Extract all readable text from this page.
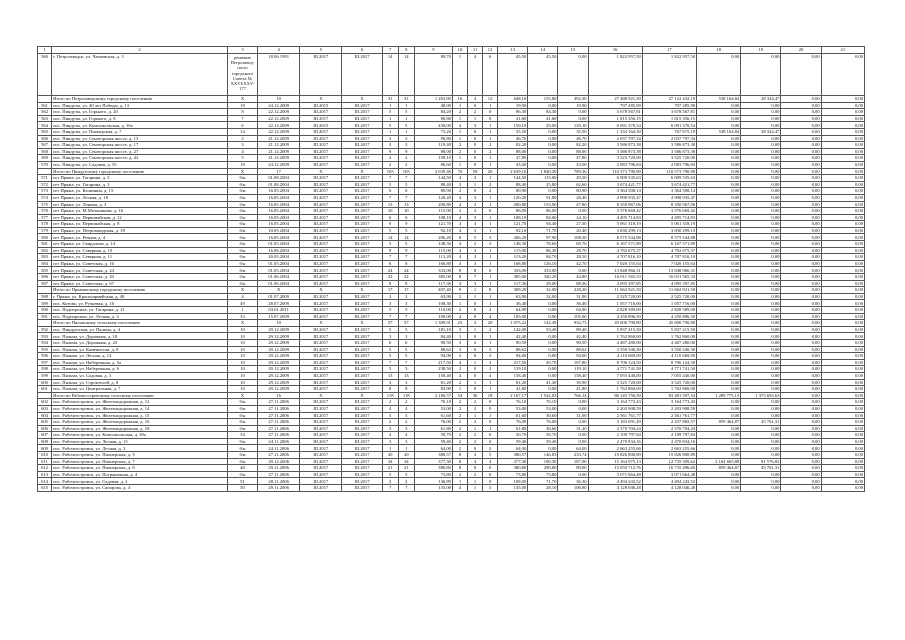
1	2	3	4	5	6	7	8	9	10	11	12	13	14	15	16	17	18	19	20	21
560	г. Петрозаводск, ул. Чапаевская, д. 3	решение Петрозавод-ского городского Совета № XXVI/XXV-177	18.06.1991	III.2017	III.2017	14	14	89,70	1	4	6	45,50	45,50	0,00	1 822 957,50	1 822 957,50	0,00	0,00	0,00	0,00
	Итого по Петрозаводскому городскому поселению	X	10	X	X	31	31	1 263,80	16	4	12	648,10	155,80	492,30	27 488 921,50	27 122 432,19	538 164,84	28 324,47	0,00	0,00
561	пос. Пиндузы, ул. 40 лет Победы, д. 13	19	24.12.2009	III.2015	III.2017	1	1	48,00	1	0	1	19,90	0,00	19,90	797 285,99	797 285,99	0,00	0,00	0,00	0,00
562	пос. Пиндузы, ул. Горького, д. 20	8	22.12.2009	III.2017	III.2017	5	5	84,20	2	2	0	86,30	84,30	0,00	3 678 567,81	3 678 567,81	0,00	0,00	0,00	0,00
563	пос. Пиндузы, ул. Горького, д. 8	7	22.12.2009	III.2017	III.2017	1	1	80,80	1	1	0	41,60	41,60	0,00	1 815 356,15	1 815 356,15	0,00	0,00	0,00	0,00
564	пос. Пиндузы, ул. Комсомольская, д. 16а	6	22.12.2009	III.2015	III.2017	5	5	438,00	4	3	1	159,10	29,00	129,10	6 091 370,54	6 091 370,54	0,00	0,00	0,00	0,00
565	пос. Пиндузы, ул. Пионерская, д. 7	14	22.12.2009	III.2017	III.2017	1	1	73,20	1	0	1	35,50	0,00	35,50	1 334 164,30	767 675,19	538 164,84	28 324,47	0,00	0,00
566	пос. Пиндузы, ул. Сенаторская шоссе, д. 13	2	21.12.2009	III.2017	III.2017	3	3	96,80	1	0	1	46,70	0,00	46,70	2 037 797,34	2 037 797,34	0,00	0,00	0,00	0,00
567	пос. Пиндузы, ул. Сенаторская шоссе, д. 17	3	21.12.2009	III.2017	III.2017	3	3	119,40	2	0	2	82,20	0,00	82,20	3 586 873,38	3 586 873,38	0,00	0,00	0,00	0,00
568	пос. Пиндузы, ул. Сенаторская шоссе, д. 27	4	21.12.2009	III.2017	III.2017	9	9	88,00	2	0	2	88,00	0,00	88,00	3 586 873,38	3 586 873,38	0,00	0,00	0,00	0,00
569	пос. Пиндузы, ул. Сенаторская шоссе, д. 42	5	21.12.2009	III.2017	III.2017	2	2	158,10	1	0	1	47,80	0,00	47,80	3 525 720,00	3 525 720,00	0,00	0,00	0,00	0,00
570	пос. Пиндузы, ул. Садовая, д. 55	18	24.12.2009	III.2017	III.2017	2	2	86,60	1	0	1	43,00	0,00	43,00	2 083 796,84	2 083 796,84	0,00	0,00	0,00	0,00
	Итого по Пиндузскому городскому поселению	X	17	X	X	165	165	2 639,46	76	59	26	2 639,16	1 840,30	789,36	110 573 790,90	110 573 790,90	0,00	0,00	0,00	0,00
571	пгт Пряжа, ул. Гагарина, д. 3	б/н	01.08.2004	III.2017	III.2017	7	7	144,50	4	3	1	144,50	115,00	29,50	6 009 535,63	6 009 535,63	0,00	0,00	0,00	0,00
572	пгт Пряжа, ул. Гагарина, д. 3	б/н	01.08.2004	III.2017	III.2017	5	5	88,40	3	1	2	88,40	25,80	62,60	3 674 421,77	3 674 421,77	0,00	0,00	0,00	0,00
573	пгт Пряжа, ул. Калинина, д. 15	б/н	16.05.2004	III.2017	III.2017	6	6	80,90	2	0	2	80,90	0,00	80,90	3 364 508,14	3 364 508,14	0,00	0,00	0,00	0,00
574	пгт Пряжа, ул. Лесная, д. 18	б/н	16.05.2004	III.2017	III.2017	7	7	120,20	4	3	1	120,20	91,80	28,40	4 998 935,47	4 998 935,47	0,00	0,00	0,00	0,00
575	пгт Пряжа, ул. Ленина, д. 3	б/н	16.05.2004	III.2017	III.2017	13	13	200,80	4	3	1	200,80	153,00	47,80	8 350 967,06	8 350 967,06	0,00	0,00	0,00	0,00
576	пгт Пряжа, ул. М.Мельникова, д. 16	б/н	16.05.2004	III.2017	III.2017	10	10	115,90	3	3	0	86,00	86,00	0,00	3 576 669,42	3 576 669,42	0,00	0,00	0,00	0,00
577	пгт Пряжа, ул. Первомайская, д. 12	б/н	16.05.2004	III.2017	III.2017	6	6	108,10	4	3	1	108,10	84,00	24,10	4 495 714,83	4 495 714,83	0,00	0,00	0,00	0,00
578	пгт Пряжа, ул. Первомайская, д. 8	б/н	16.05.2004	III.2017	III.2017	9	9	121,70	4	3	1	121,70	94,40	27,30	5 061 318,19	5 061 318,19	0,00	0,00	0,00	0,00
579	пгт Пряжа, ул. Петрозаводская, д. 39	б/н	10.05.2004	III.2017	III.2017	5	5	92,10	4	3	1	92,10	71,70	20,40	3 830 299,13	3 830 299,13	0,00	0,00	0,00	0,00
580	пгт Пряжа, ул. Речная, д. 4	б/н	16.05.2004	III.2017	III.2017	14	14	206,20	8	5	3	206,20	97,90	108,30	8 575 544,88	8 575 544,88	0,00	0,00	0,00	0,00
581	пгт Пряжа, ул. Свирдлова, д. 14	б/н	01.05.2004	III.2017	III.2017	5	5	148,30	4	2	2	148,30	78,60	69,70	6 167 571,89	6 167 571,89	0,00	0,00	0,00	0,00
582	пгт Пряжа, ул. Северная, д. 10	б/н	16.06.2004	III.2017	III.2017	9	9	115,00	4	3	1	115,00	86,30	28,70	4 782 675,37	4 782 675,37	0,00	0,00	0,00	0,00
583	пгт Пряжа, ул. Северная, д. 11	б/н	20.05.2004	III.2017	III.2017	7	7	113,20	4	3	1	113,20	84,70	28,50	4 707 816,10	4 707 816,10	0,00	0,00	0,00	0,00
584	пгт Пряжа, ул. Советская, д. 16	б/н	01.05.2004	III.2017	III.2017	8	8	168,80	4	3	1	168,80	126,10	42,70	7 020 155,64	7 020 155,64	0,00	0,00	0,00	0,00
585	пгт Пряжа, ул. Советская, д. 24	б/н	01.05.2004	III.2017	III.2017	24	24	333,00	8	8	0	333,00	333,00	0,00	13 848 966,31	13 848 966,31	0,00	0,00	0,00	0,00
586	пгт Пряжа, ул. Советская, д. 43	б/н	01.06.2004	III.2017	III.2017	22	22	385,00	8	7	1	385,00	340,20	44,80	16 011 565,33	16 011 565,33	0,00	0,00	0,00	0,00
587	пгт Пряжа, ул. Советская, д. 67	б/н	01.06.2004	III.2017	III.2017	8	8	117,36	4	3	1	117,36	29,00	88,36	4 095 397,85	4 095 397,85	0,00	0,00	0,00	0,00
	Итого по Пряжинскому городскому поселению	X	X	X	X	17	17	407,40	9	1	8	309,20	32,00	228,20	11 662 921,50	11 662 921,50	0,00	0,00	0,00	0,00
588	г. Пряжа, ул. Красноармейская, д. 48	4	01.07.2009	III.2017	III.2017	2	2	63,90	2	1	1	63,90	32,00	31,90	2 525 720,00	2 525 720,00	0,00	0,00	0,00	0,00
589	пос. Котово, ул. Ручьевая, д. 10	49	28.07.2009	III.2017	III.2017	3	3	108,30	1	0	1	36,40	0,00	36,40	1 057 716,00	1 057 716,00	0,00	0,00	0,00	0,00
590	пос. Подпорожье, ул. Гагарина, д. 21	1	03.01.2011	III.2017	III.2017	5	5	110,00	2	0	2	64,90	0,00	64,90	2 828 589,00	2 828 589,00	0,00	0,00	0,00	0,00
591	пос. Подпорожье, ул. Лесная, д. 3	33	15.07.2009	III.2017	III.2017	7	7	109,00	4	0	4	105,00	0,00	105,00	4 250 896,50	4 250 896,50	0,00	0,00	0,00	0,00
	Итого по Пяльмскому сельскому поселению	X	10	X	X	57	57	1 309,91	23	3	20	1 075,22	142,49	932,73	45 606 790,80	45 606 790,80	0,00	0,00	0,00	0,00
592	пос. Пиндушская, ул. Пяльма, д. 4	10	29.12.2009	III.2017	III.2017	5	5	181,10	3	1	2	142,00	53,40	89,40	5 837 215,50	5 837 215,50	0,00	0,00	0,00	0,00
593	пос. Пяльма, ул. Дорожная, д. 18	10	29.12.2009	III.2017	III.2017	3	3	84,40	1	0	1	42,40	0,00	42,40	1 762 860,00	1 762 860,00	0,00	0,00	0,00	0,00
594	пос. Пяльма, ул. Дорожная, д. 23	10	29.12.2009	III.2017	III.2017	6	6	90,50	3	2	1	90,50	0,00	90,50	4 487 280,00	4 487 280,00	0,00	0,00	0,00	0,00
595	пос. Пяльма, ул. Каменистая, д. 8	10	29.12.2009	III.2017	III.2017	5	5	88,62	3	0	3	88,62	0,00	88,62	3 550 540,30	3 550 540,30	0,00	0,00	0,00	0,00
596	пос. Пяльма, ул. Лесная, д. 14	10	29.12.2009	III.2017	III.2017	5	5	94,00	2	0	2	94,00	0,00	94,00	4 110 669,00	4 110 669,00	0,00	0,00	0,00	0,00
597	пос. Пяльма, ул. Набережная, д. 5а	10	29.12.2009	III.2017	III.2017	7	7	217,50	4	1	3	217,50	49,70	167,80	8 706 124,50	8 706 124,50	0,00	0,00	0,00	0,00
598	пос. Пяльма, ул. Набережная, д. 6	10	29.12.2009	III.2017	III.2017	5	5	238,50	2	0	2	119,10	0,00	119,10	4 771 741,50	4 771 741,50	0,00	0,00	0,00	0,00
599	пос. Пяльма, ул. Садовая, д. 3	10	29.12.2009	III.2017	III.2017	13	13	158,40	4	0	4	158,40	0,00	158,40	7 055 440,00	7 055 440,00	0,00	0,00	0,00	0,00
600	пос. Пяльма, ул. Строителей, д. 8	10	29.12.2009	III.2017	III.2017	3	3	81,20	2	1	1	81,20	41,30	39,90	3 525 720,00	3 525 720,00	0,00	0,00	0,00	0,00
601	пос. Пяльма, ул. Центральная, д. 7	10	29.12.2009	III.2017	III.2017	8	8	83,90	1	0	1	41,80	0,00	41,80	1 762 860,00	1 762 860,00	0,00	0,00	0,00	0,00
	Итого по Рабочеостровскому сельскому поселению	X	16	X	X	118	118	2 180,57	54	36	18	2 167,17	1 542,03	766,14	86 145 756,50	83 481 597,54	1 289 775,13	1 375 693,63	0,00	0,00
602	пос. Рабочеостровск, ул. Железнодорожная, д. 12	б/н	27.11.2006	III.2017	III.2017	2	2	76,10	2	2	0	76,10	76,10	0,00	3 164 773,43	3 164 773,43	0,00	0,00	0,00	0,00
603	пос. Рабочеостровск, ул. Железнодорожная, д. 14	б/н	27.11.2006	III.2017	III.2017	4	4	53,00	2	2	0	53,00	53,00	0,00	2 203 908,59	2 203 908,59	0,00	0,00	0,00	0,00
604	пос. Рабочеостровск, ул. Железнодорожная, д. 15	б/н	27.11.2006	III.2017	III.2017	5	5	61,60	2	1	1	61,60	30,60	31,00	2 561 761,77	2 561 761,77	0,00	0,00	0,00	0,00
605	пос. Рабочеостровск, ул. Железнодорожная, д. 16	б/н	27.11.2006	III.2017	III.2017	2	2	76,00	2	2	0	76,00	76,00	0,00	3 183 091,49	2 437 865,57	859 464,87	45 761,31	0,00	0,00
606	пос. Рабочеостровск, ул. Железнодорожная, д. 18	б/н	27.11.2006	III.2017	III.2017	3	3	61,80	2	1	1	61,80	30,60	31,20	2 570 704,24	2 570 704,24	0,00	0,00	0,00	0,00
607	пос. Рабочеостровск, ул. Комсомольская, д. 30а	34	27.11.2006	III.2017	III.2017	4	4	50,70	2	2	0	50,70	50,70	0,00	2 109 797,84	2 109 797,84	0,00	0,00	0,00	0,00
608	пос. Рабочеостровск, ул. Лесная, д. 15	б/н	24.11.2006	III.2017	III.2017	3	3	59,40	2	2	0	59,40	59,40	0,00	2 470 834,16	2 470 834,16	0,00	0,00	0,00	0,00
609	пос. Рабочеостровск, ул. Лесная, д. 3	б/н	24.11.2006	III.2017	III.2017	1	1	64,00	2	0	2	64,00	0,00	64,00	2 663 255,66	2 663 255,66	0,00	0,00	0,00	0,00
610	пос. Рабочеостровск, ул. Пионерская, д. 5	б/н	27.11.2006	III.2017	III.2017	20	20	380,57	8	3	5	380,57	146,83	233,74	15 826 800,89	15 826 800,89	0,00	0,00	0,00	0,00
611	пос. Рабочеостровск, ул. Пионерская, д. 7	б/н	29.12.2006	III.2017	III.2017	34	34	377,30	8	4	4	377,30	190,30	187,00	15 164 975,13	12 735 309,62	2 164 665,88	81 576,82	0,00	0,00
612	пос. Рабочеостровск, ул. Пионерская, д. 8	48	29.11.2006	III.2017	III.2017	21	21	380,80	8	8	0	380,80	290,80	89,00	15 650 712,76	16 735 496,60	859 464,87	45 761,31	0,00	0,00
613	пос. Рабочеостровск, ул. Пограничная, д. 4	б/н	27.11.2006	III.2017	III.2017	5	5	73,80	2	2	0	73,80	73,80	0,00	3 071 664,48	3 071 664,48	0,00	0,00	0,00	0,00
614	пос. Рабочеостровск, ул. Садовая, д. 2	51	28.11.2006	III.2017	III.2017	2	2	136,89	1	1	0	108,00	71,70	36,30	4 494 243,52	4 494 243,52	0,00	0,00	0,00	0,00
615	пос. Рабочеостровск, ул. Сапорова, д. 4	50	29.11.2006	III.2017	III.2017	7	7	135,00	4	1	3	135,00	28,10	106,90	4 128 046,28	4 128 046,28	0,00	0,00	0,00	0,00
